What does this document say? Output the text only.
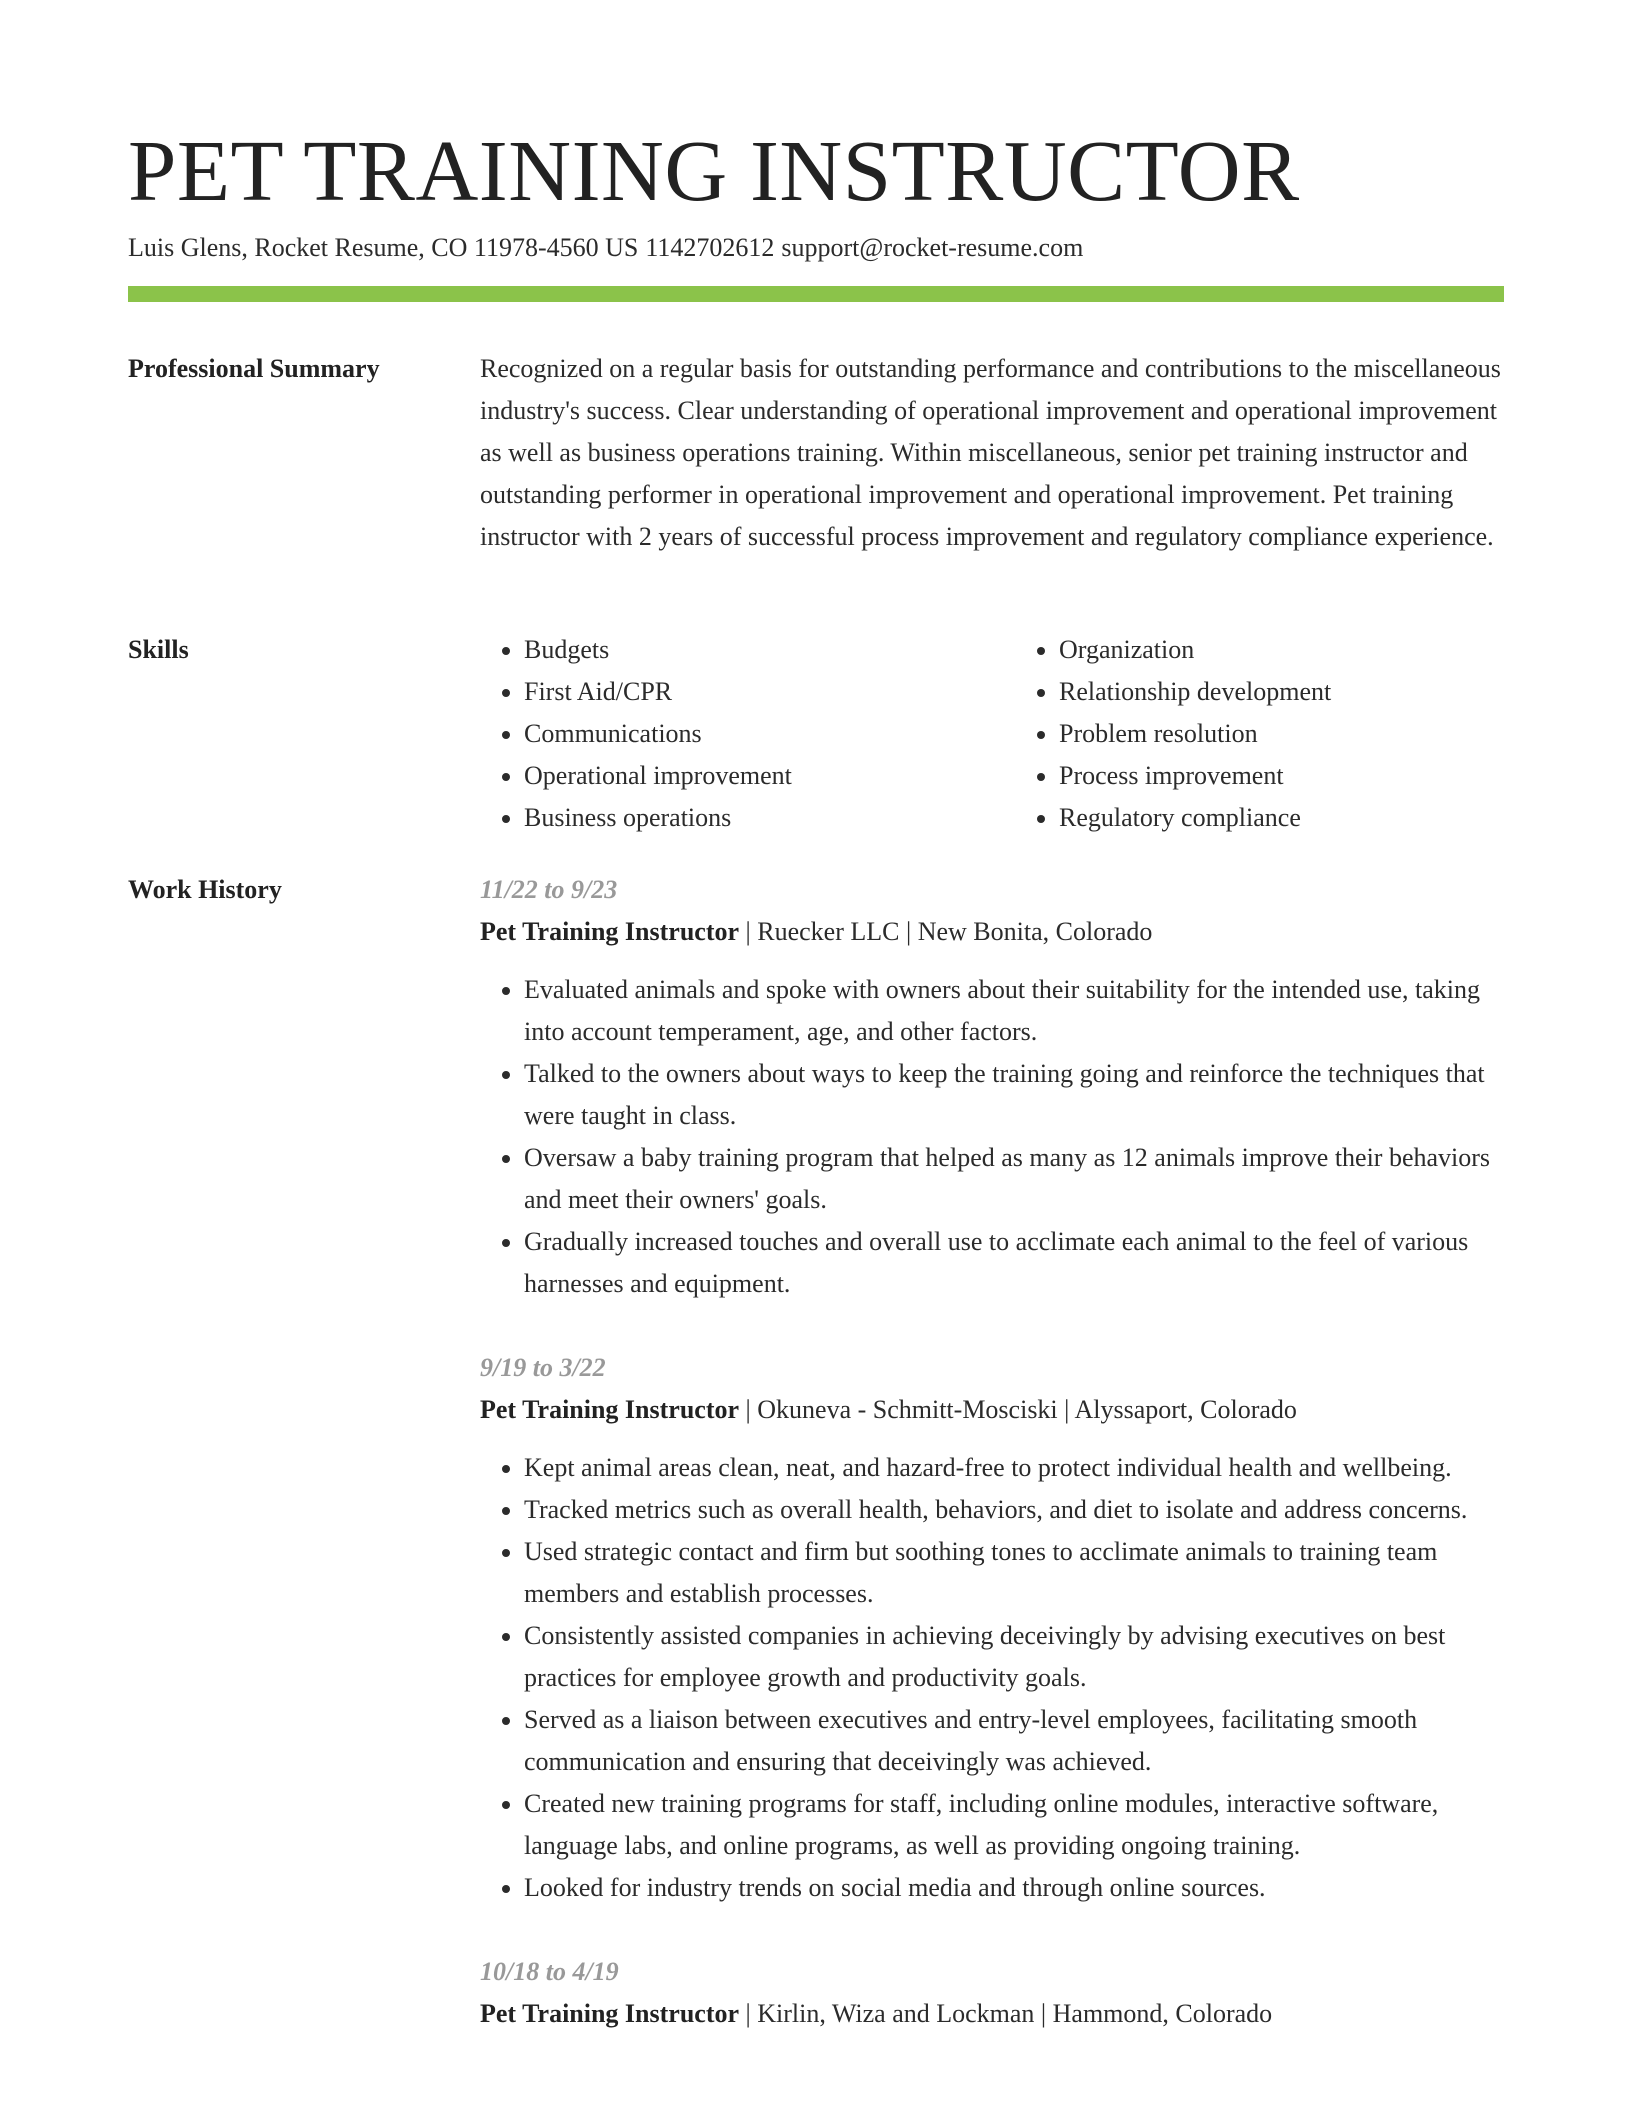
PET TRAINING INSTRUCTOR
Luis Glens, Rocket Resume, CO 11978-4560 US 1142702612 support@rocket-resume.com
Professional Summary	Recognized on a regular basis for outstanding performance and contributions to the miscellaneous industry's success. Clear understanding of operational improvement and operational improvement as well as business operations training. Within miscellaneous, senior pet training instructor and outstanding performer in operational improvement and operational improvement. Pet training instructor with 2 years of successful process improvement and regulatory compliance experience.

Skills
•	Budgets
• First Aid/CPR
• Communications
• Operational improvement
• Business operations
• Organization
• Relationship development
• Problem resolution
• Process improvement
• Regulatory compliance
Work History	11/22 to 9/23
Pet Training Instructor | Ruecker LLC | New Bonita, Colorado
• Evaluated animals and spoke with owners about their suitability for the intended use, taking into account temperament, age, and other factors.
• Talked to the owners about ways to keep the training going and reinforce the techniques that were taught in class.
• Oversaw a baby training program that helped as many as 12 animals improve their behaviors and meet their owners' goals.
• Gradually increased touches and overall use to acclimate each animal to the feel of various harnesses and equipment.
9/19 to 3/22
Pet Training Instructor | Okuneva - Schmitt-Mosciski | Alyssaport, Colorado
• Kept animal areas clean, neat, and hazard-free to protect individual health and wellbeing.
• Tracked metrics such as overall health, behaviors, and diet to isolate and address concerns.
• Used strategic contact and firm but soothing tones to acclimate animals to training team members and establish processes.
• Consistently assisted companies in achieving deceivingly by advising executives on best practices for employee growth and productivity goals.
• Served as a liaison between executives and entry-level employees, facilitating smooth communication and ensuring that deceivingly was achieved.
• Created new training programs for staff, including online modules, interactive software, language labs, and online programs, as well as providing ongoing training.
• Looked for industry trends on social media and through online sources.
10/18 to 4/19
Pet Training Instructor | Kirlin, Wiza and Lockman | Hammond, Colorado
